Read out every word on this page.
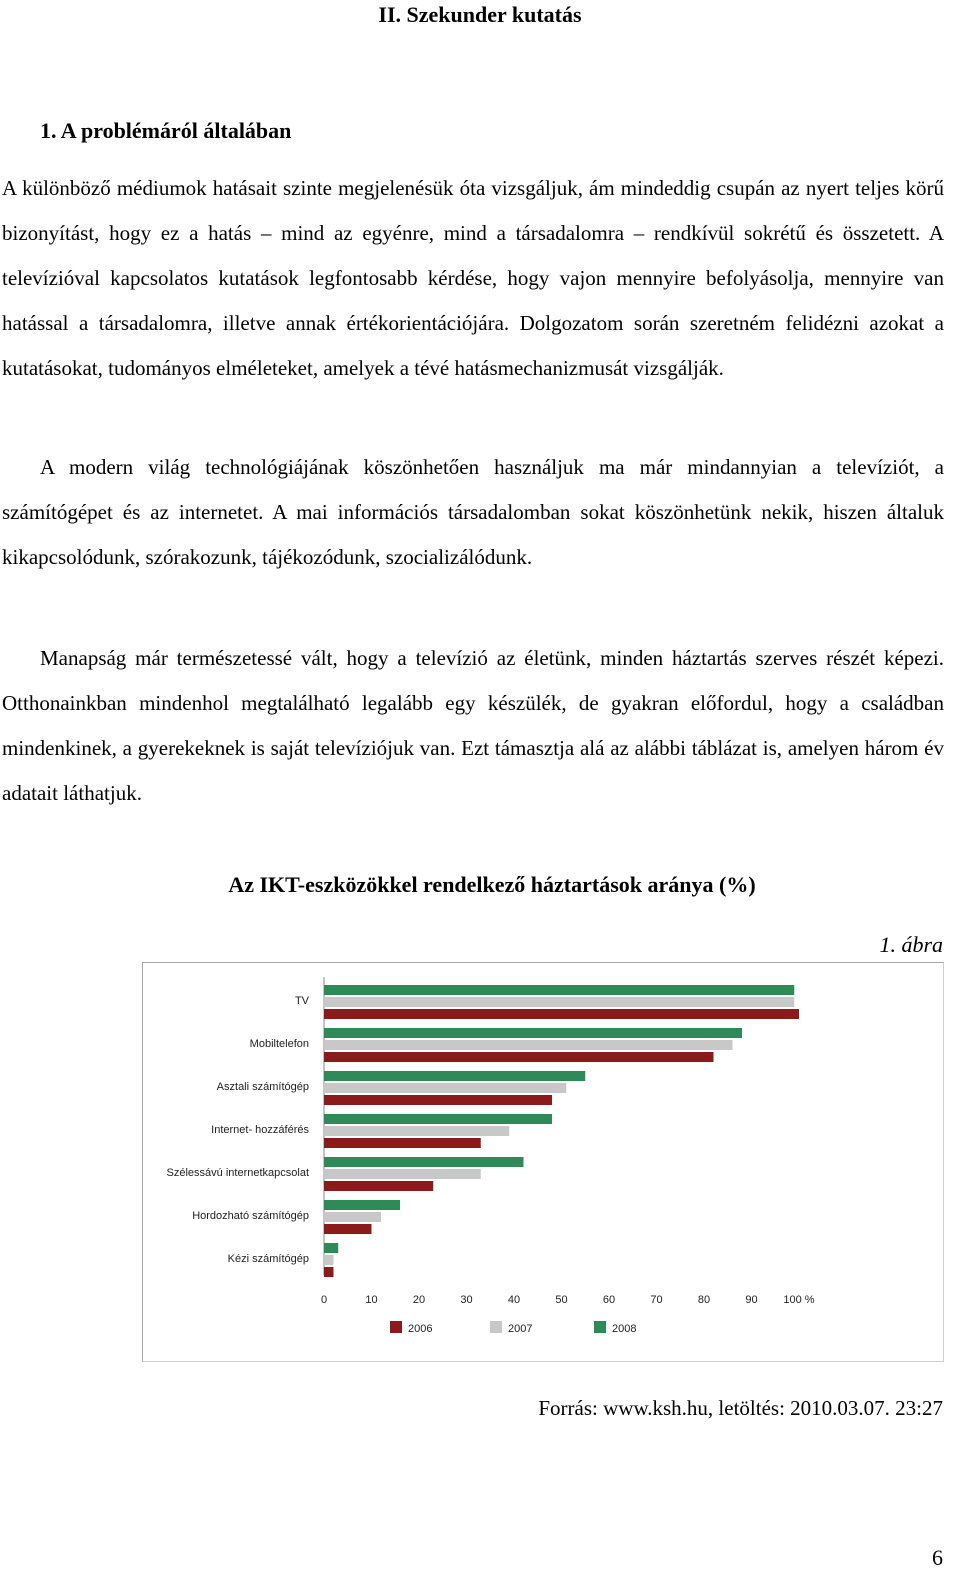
II. Szekunder kutatás
1. A problémáról általában
A különböző médiumok hatásait szinte megjelenésük óta vizsgáljuk, ám mindeddig csupán az nyert teljes körű bizonyítást, hogy ez a hatás – mind az egyénre, mind a társadalomra – rendkívül sokrétű és összetett. A televízióval kapcsolatos kutatások legfontosabb kérdése, hogy vajon mennyire befolyásolja, mennyire van hatással a társadalomra, illetve annak értékorientációjára. Dolgozatom során szeretném felidézni azokat a kutatásokat, tudományos elméleteket, amelyek a tévé hatásmechanizmusát vizsgálják.
A modern világ technológiájának köszönhetően használjuk ma már mindannyian a televíziót, a számítógépet és az internetet. A mai információs társadalomban sokat köszönhetünk nekik, hiszen általuk kikapcsolódunk, szórakozunk, tájékozódunk, szocializálódunk.
Manapság már természetessé vált, hogy a televízió az életünk, minden háztartás szerves részét képezi. Otthonainkban mindenhol megtalálható legalább egy készülék, de gyakran előfordul, hogy a családban mindenkinek, a gyerekeknek is saját televíziójuk van. Ezt támasztja alá az alábbi táblázat is, amelyen három év adatait láthatjuk.
Az IKT-eszközökkel rendelkező háztartások aránya (%)
1. ábra
TV
Mobiltelefon
Asztali számítógép
Internet- hozzáférés
Szélessávú internetkapcsolat
Hordozható számítógép
Kézi számítógép
0	10	20	30	40	50	60	70	80	90 100 %
2006	2007	2008
Forrás: www.ksh.hu, letöltés: 2010.03.07. 23:27
6
